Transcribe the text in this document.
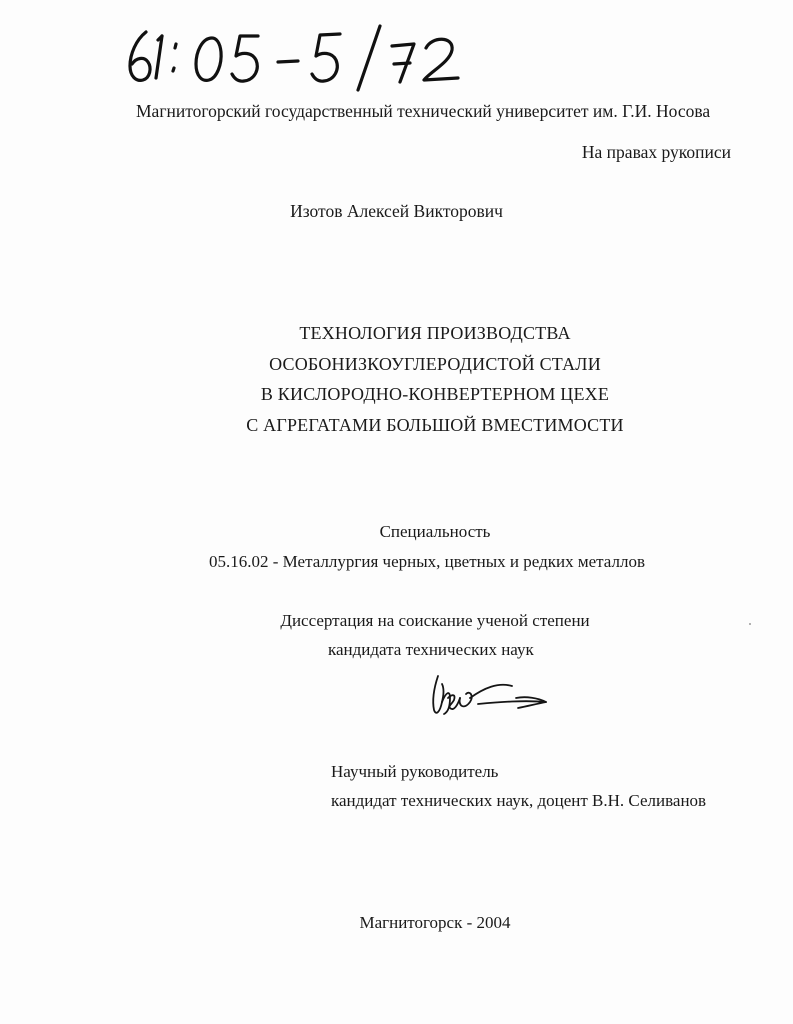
Магнитогорский государственный технический университет им. Г.И. Носова
На правах рукописи
Изотов Алексей Викторович
ТЕХНОЛОГИЯ ПРОИЗВОДСТВА
ОСОБОНИЗКОУГЛЕРОДИСТОЙ СТАЛИ
В КИСЛОРОДНО-КОНВЕРТЕРНОМ ЦЕХЕ
С АГРЕГАТАМИ БОЛЬШОЙ ВМЕСТИМОСТИ
Специальность
05.16.02 - Металлургия черных, цветных и редких металлов
Диссертация на соискание ученой степени
кандидата технических наук
Научный руководитель
кандидат технических наук, доцент В.Н. Селиванов
Магнитогорск - 2004
